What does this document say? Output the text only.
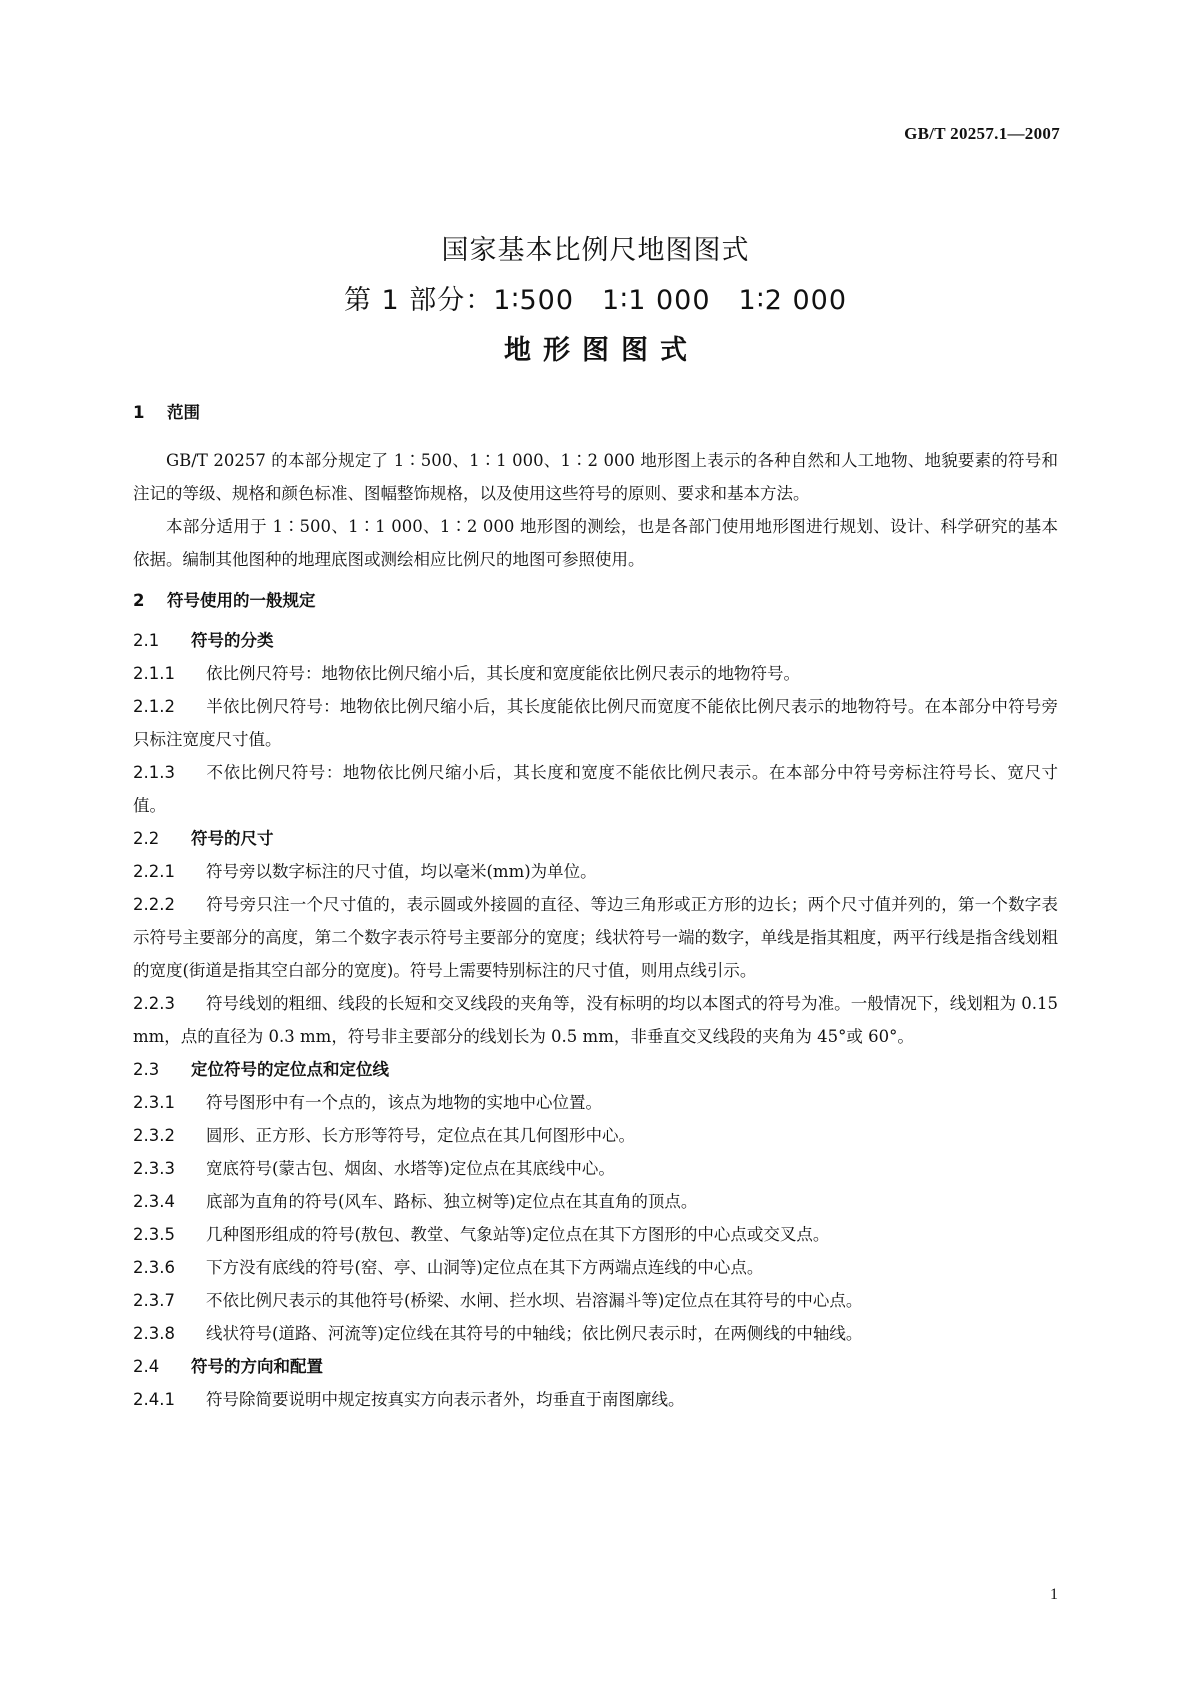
GB/T 20257.1—2007
国家基本比例尺地图图式
第 1 部分：1∶500　1∶1 000　1∶2 000
地形图图式

1 范围

GB/T 20257 的本部分规定了 1∶500、1∶1 000、1∶2 000 地形图上表示的各种自然和人工地物、地貌要素的符号和注记的等级、规格和颜色标准、图幅整饰规格，以及使用这些符号的原则、要求和基本方法。

本部分适用于 1∶500、1∶1 000、1∶2 000 地形图的测绘，也是各部门使用地形图进行规划、设计、科学研究的基本依据。编制其他图种的地理底图或测绘相应比例尺的地图可参照使用。

2 符号使用的一般规定

2.1 符号的分类

2.1.1 依比例尺符号：地物依比例尺缩小后，其长度和宽度能依比例尺表示的地物符号。

2.1.2 半依比例尺符号：地物依比例尺缩小后，其长度能依比例尺而宽度不能依比例尺表示的地物符号。在本部分中符号旁只标注宽度尺寸值。

2.1.3 不依比例尺符号：地物依比例尺缩小后，其长度和宽度不能依比例尺表示。在本部分中符号旁标注符号长、宽尺寸值。

2.2 符号的尺寸

2.2.1 符号旁以数字标注的尺寸值，均以毫米(mm)为单位。

2.2.2 符号旁只注一个尺寸值的，表示圆或外接圆的直径、等边三角形或正方形的边长；两个尺寸值并列的，第一个数字表示符号主要部分的高度，第二个数字表示符号主要部分的宽度；线状符号一端的数字，单线是指其粗度，两平行线是指含线划粗的宽度(街道是指其空白部分的宽度)。符号上需要特别标注的尺寸值，则用点线引示。

2.2.3 符号线划的粗细、线段的长短和交叉线段的夹角等，没有标明的均以本图式的符号为准。一般情况下，线划粗为 0.15 mm，点的直径为 0.3 mm，符号非主要部分的线划长为 0.5 mm，非垂直交叉线段的夹角为 45°或 60°。

2.3 定位符号的定位点和定位线

2.3.1 符号图形中有一个点的，该点为地物的实地中心位置。

2.3.2 圆形、正方形、长方形等符号，定位点在其几何图形中心。

2.3.3 宽底符号(蒙古包、烟囱、水塔等)定位点在其底线中心。

2.3.4 底部为直角的符号(风车、路标、独立树等)定位点在其直角的顶点。

2.3.5 几种图形组成的符号(敖包、教堂、气象站等)定位点在其下方图形的中心点或交叉点。

2.3.6 下方没有底线的符号(窑、亭、山洞等)定位点在其下方两端点连线的中心点。

2.3.7 不依比例尺表示的其他符号(桥梁、水闸、拦水坝、岩溶漏斗等)定位点在其符号的中心点。

2.3.8 线状符号(道路、河流等)定位线在其符号的中轴线；依比例尺表示时，在两侧线的中轴线。

2.4 符号的方向和配置

2.4.1 符号除简要说明中规定按真实方向表示者外，均垂直于南图廓线。

1
